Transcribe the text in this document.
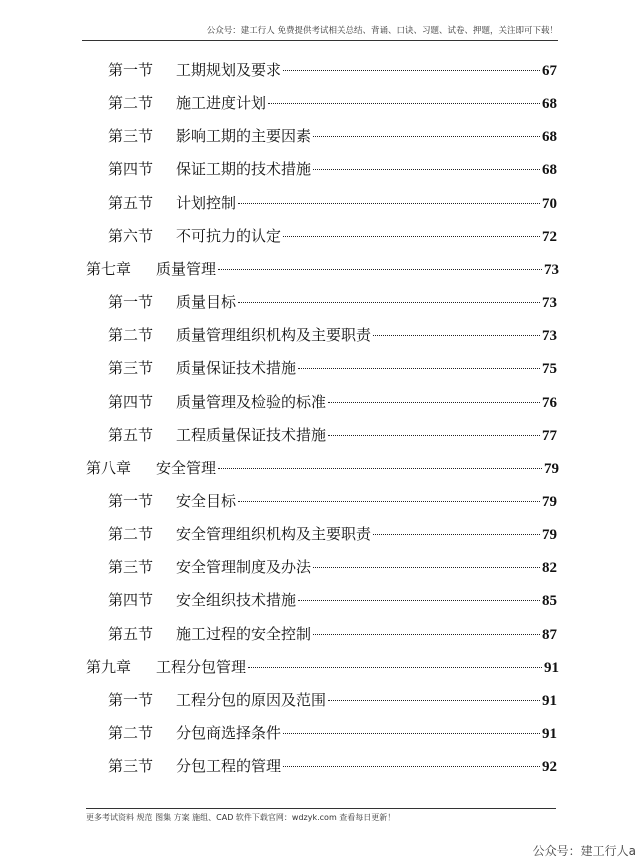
公众号：建工行人 免费提供考试相关总结、背诵、口诀、习题、试卷、押题，关注即可下载！
第一节	工期规划及要求	67
第二节	施工进度计划	68
第三节	影响工期的主要因素	68
第四节	保证工期的技术措施	68
第五节	计划控制	70
第六节	不可抗力的认定	72
第七章	质量管理	73
第一节	质量目标	73
第二节	质量管理组织机构及主要职责	73
第三节	质量保证技术措施	75
第四节	质量管理及检验的标准	76
第五节	工程质量保证技术措施	77
第八章	安全管理	79
第一节	安全目标	79
第二节	安全管理组织机构及主要职责	79
第三节	安全管理制度及办法	82
第四节	安全组织技术措施	85
第五节	施工过程的安全控制	87
第九章	工程分包管理	91
第一节	工程分包的原因及范围	91
第二节	分包商选择条件	91
第三节	分包工程的管理	92
更多考试资料 规范 图集 方案 施组、CAD 软件下载官网：wdzyk.com 查看每日更新！
公众号：建工行人a
